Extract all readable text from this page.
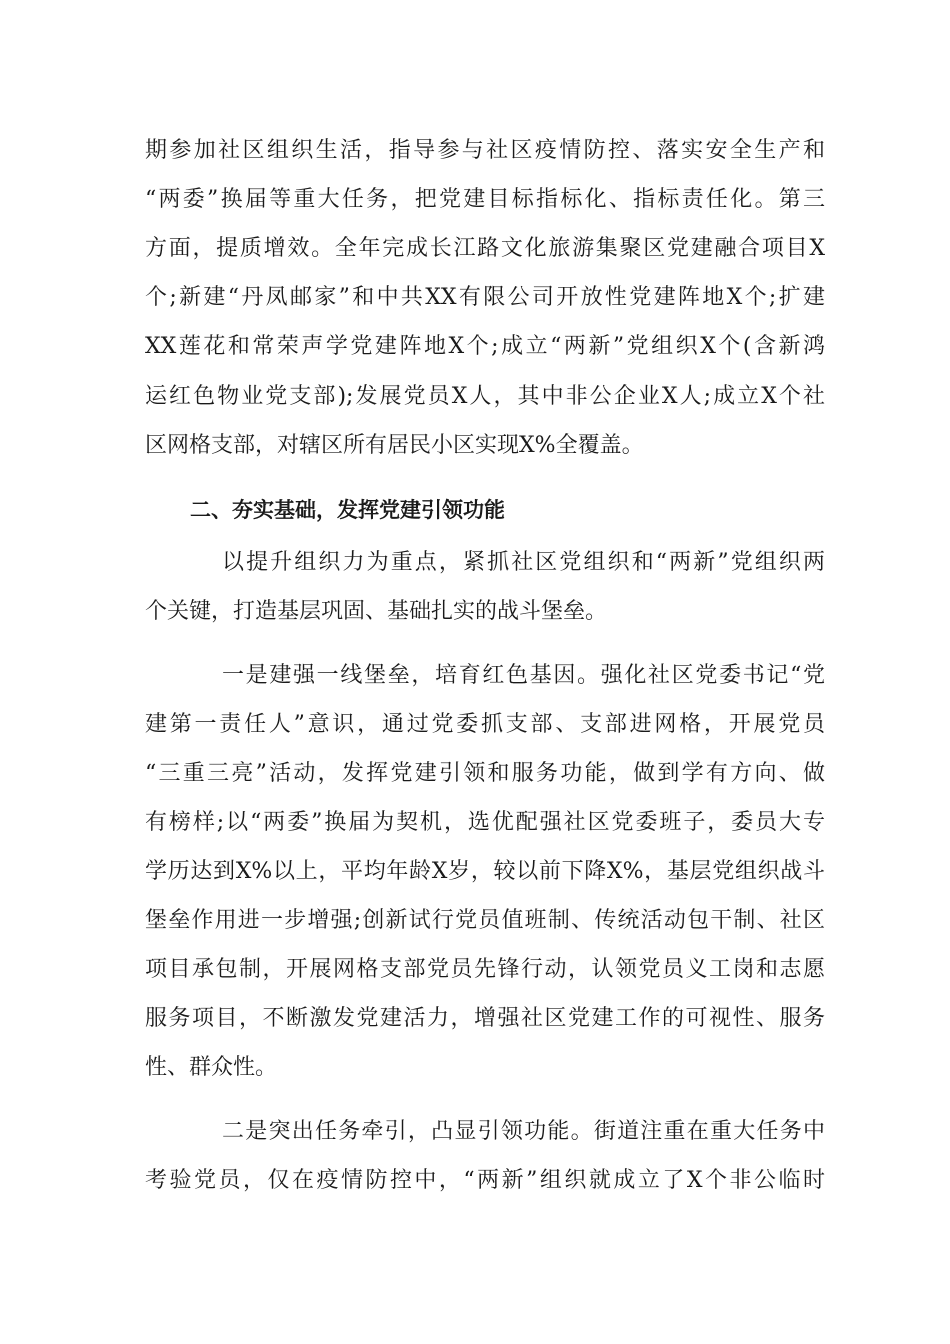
期参加社区组织生活，指导参与社区疫情防控、落实安全生产和
“两委”换届等重大任务，把党建目标指标化、指标责任化。第三
方面，提质增效。全年完成长江路文化旅游集聚区党建融合项目X
个;新建“丹凤邮家”和中共XX有限公司开放性党建阵地X个;扩建
XX莲花和常荣声学党建阵地X个;成立“两新”党组织X个(含新鸿
运红色物业党支部);发展党员X人，其中非公企业X人;成立X个社
区网格支部，对辖区所有居民小区实现X%全覆盖。
二、夯实基础，发挥党建引领功能
以提升组织力为重点，紧抓社区党组织和“两新”党组织两
个关键，打造基层巩固、基础扎实的战斗堡垒。
一是建强一线堡垒，培育红色基因。强化社区党委书记“党
建第一责任人”意识，通过党委抓支部、支部进网格，开展党员
“三重三亮”活动，发挥党建引领和服务功能，做到学有方向、做
有榜样;以“两委”换届为契机，选优配强社区党委班子，委员大专
学历达到X%以上，平均年龄X岁，较以前下降X%，基层党组织战斗
堡垒作用进一步增强;创新试行党员值班制、传统活动包干制、社区
项目承包制，开展网格支部党员先锋行动，认领党员义工岗和志愿
服务项目，不断激发党建活力，增强社区党建工作的可视性、服务
性、群众性。
二是突出任务牵引，凸显引领功能。街道注重在重大任务中
考验党员，仅在疫情防控中，“两新”组织就成立了X个非公临时
